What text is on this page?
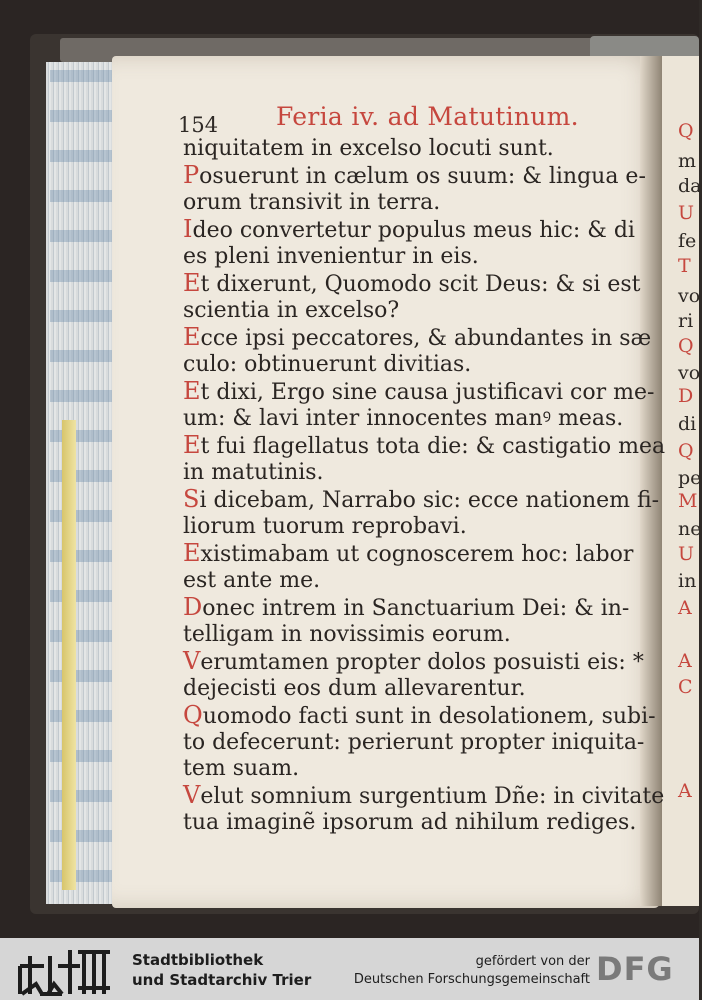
Q
m
da
U
fe
T
vo
ri
Q
vo
D
di
Q
pe
M
ne
U
in
A
A
C
A
154 Feria iv. ad Matutinum.
niquitatem in excelso locuti sunt.
Posuerunt in cælum os suum: & lingua e-
orum transivit in terra.
Ideo convertetur populus meus hic: & di
es pleni invenientur in eis.
Et dixerunt, Quomodo scit Deus: & si est
scientia in excelso?
Ecce ipsi peccatores, & abundantes in sæ
culo: obtinuerunt divitias.
Et dixi, Ergo sine causa justificavi cor me-
um: & lavi inter innocentes manꝰ meas.
Et fui flagellatus tota die: & castigatio mea
in matutinis.
Si dicebam, Narrabo sic: ecce nationem fi-
liorum tuorum reprobavi.
Existimabam ut cognoscerem hoc: labor
est ante me.
Donec intrem in Sanctuarium Dei: & in-
telligam in novissimis eorum.
Verumtamen propter dolos posuisti eis: *
dejecisti eos dum allevarentur.
Quomodo facti sunt in desolationem, subi-
to defecerunt: perierunt propter iniquita-
tem suam.
Velut somnium surgentium Dñe: in civitate
tua imaginẽ ipsorum ad nihilum rediges.
Stadtbibliothek
und Stadtarchiv Trier
gefördert von der
Deutschen Forschungsgemeinschaft DFG
